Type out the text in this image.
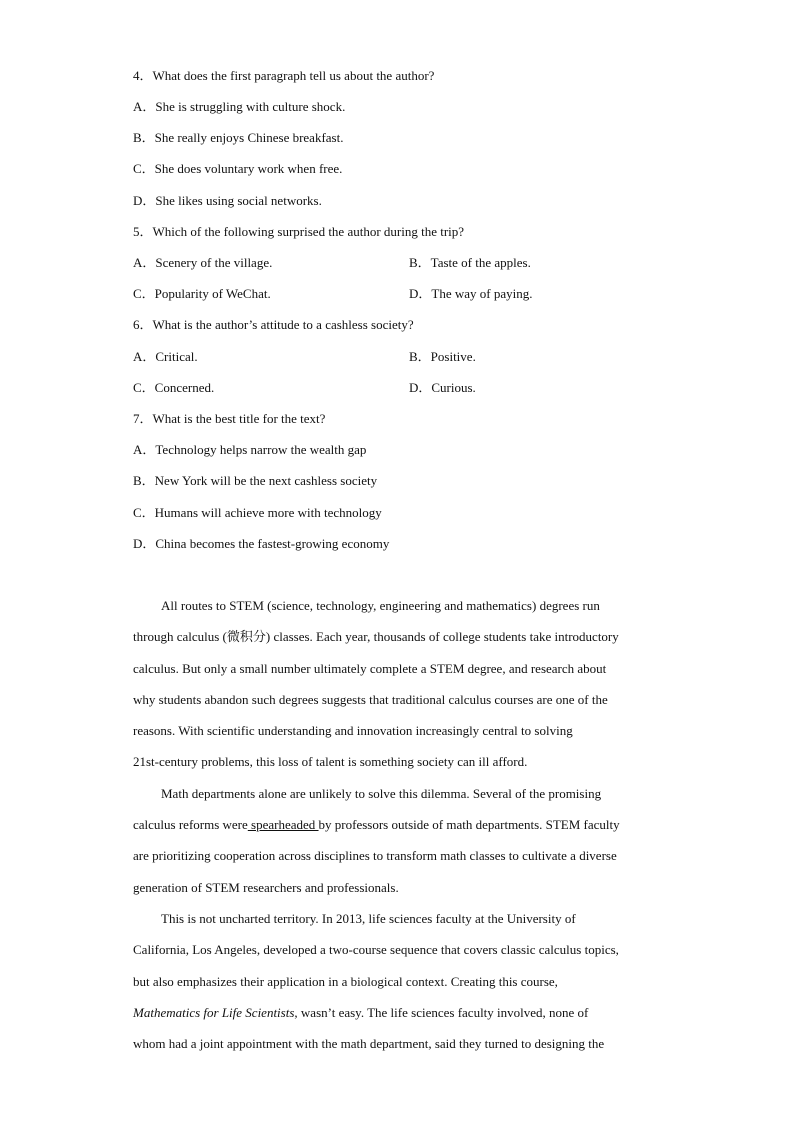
4．What does the first paragraph tell us about the author?
A．She is struggling with culture shock.
B．She really enjoys Chinese breakfast.
C．She does voluntary work when free.
D．She likes using social networks.
5．Which of the following surprised the author during the trip?
A．Scenery of the village.	B．Taste of the apples.
C．Popularity of WeChat.	D．The way of paying.
6．What is the author’s attitude to a cashless society?
A．Critical.	B．Positive.
C．Concerned.	D．Curious.
7．What is the best title for the text?
A．Technology helps narrow the wealth gap
B．New York will be the next cashless society
C．Humans will achieve more with technology
D．China becomes the fastest-growing economy
All routes to STEM (science, technology, engineering and mathematics) degrees run
through calculus (微积分) classes. Each year, thousands of college students take introductory
calculus. But only a small number ultimately complete a STEM degree, and research about
why students abandon such degrees suggests that traditional calculus courses are one of the
reasons. With scientific understanding and innovation increasingly central to solving
21st-century problems, this loss of talent is something society can ill afford.
Math departments alone are unlikely to solve this dilemma. Several of the promising
calculus reforms were spearheaded by professors outside of math departments. STEM faculty
are prioritizing cooperation across disciplines to transform math classes to cultivate a diverse
generation of STEM researchers and professionals.
This is not uncharted territory. In 2013, life sciences faculty at the University of
California, Los Angeles, developed a two-course sequence that covers classic calculus topics,
but also emphasizes their application in a biological context. Creating this course,
Mathematics for Life Scientists, wasn’t easy. The life sciences faculty involved, none of
whom had a joint appointment with the math department, said they turned to designing the
